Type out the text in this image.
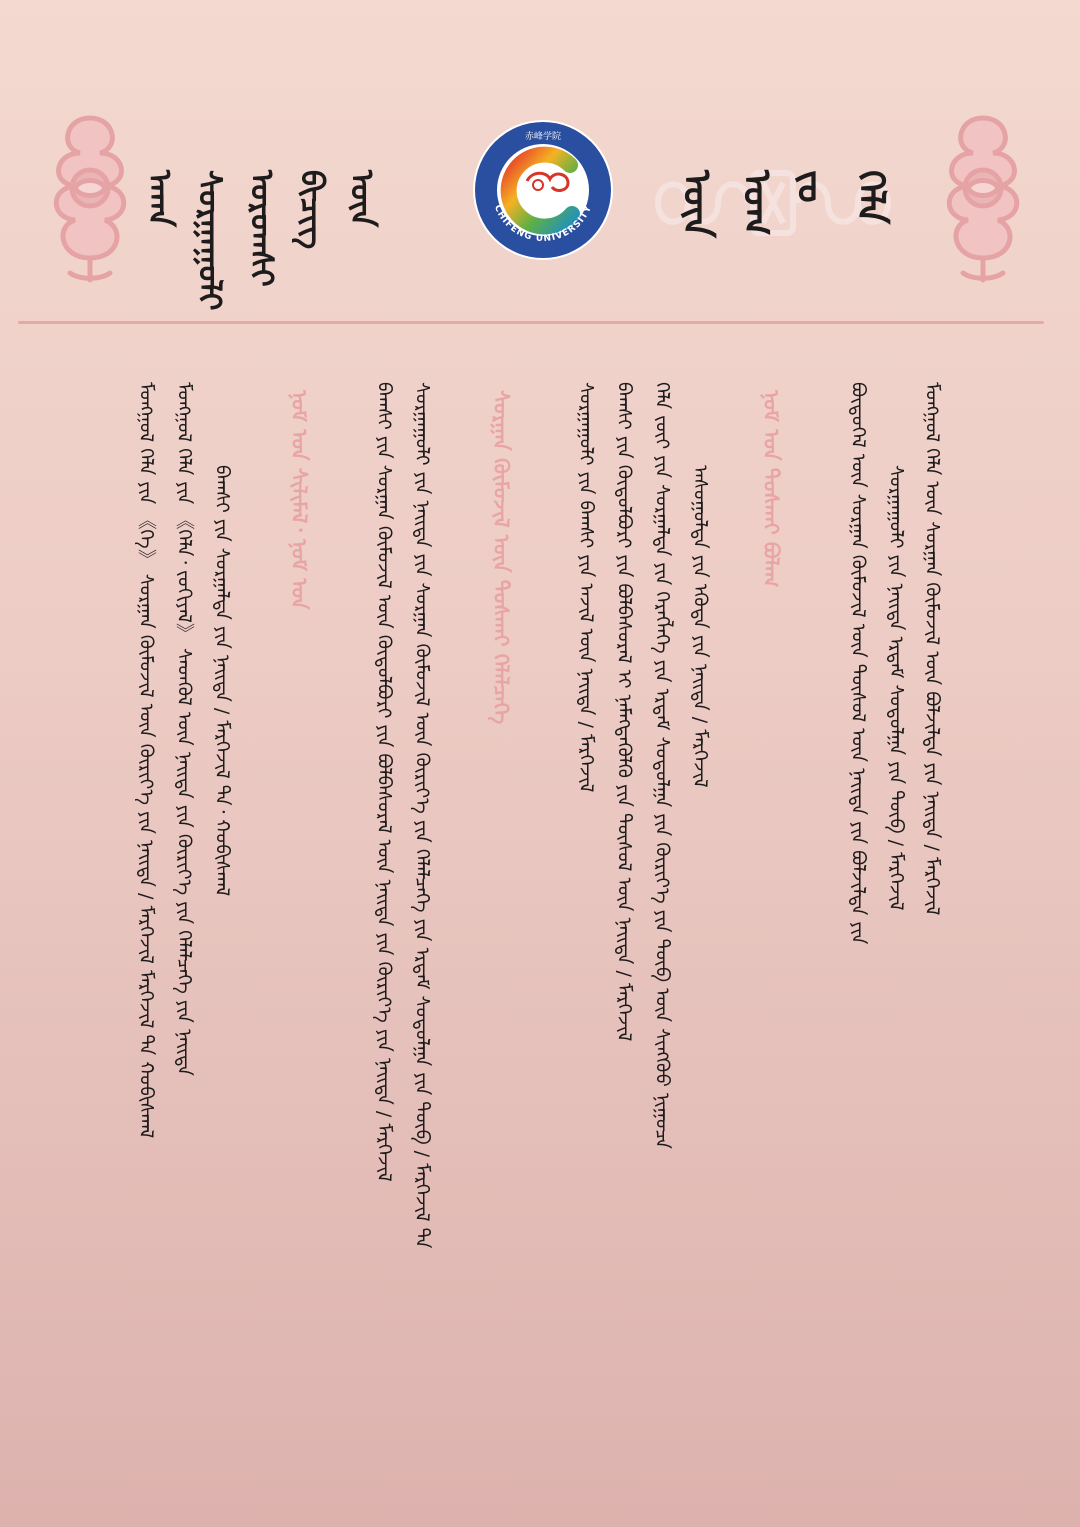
ᠬᠡᠯᠡ
ᠵᠤ
ᠤᠭ
ᠦᠨ
CHIFENG UNIVERSITY
赤峰学院
ᠠᠬᠠ ᠰᠤᠷᠭᠠᠭᠤᠯᠢ ᠤᠷᠤᠭᠰᠢ ᠪᠢᠴᠢᠭ ᠦᠨ
ᠮᠣᠩᠭᠣᠯ ᠬᠡᠯᠡ ᠦᠨ ᠰᠤᠷᠭᠠᠨ ᠬᠦᠮᠦᠵᠢᠯ ᠦᠨ ᠪᠤᠯᠵᠢᠯᠲᠠ ᠶᠢᠨ ᠨᠡᠢᠲᠡ / ᠮᠡᠷᠭᠡᠵᠢᠯ
ᠰᠤᠷᠭᠠᠭᠤᠯᠢ ᠶᠢᠨ ᠨᠡᠢᠲᠡ ᠡᠷᠳᠡᠮ ᠰᠤᠳᠤᠯᠭᠠ ᠶᠢᠨ ᠲᠥᠪ / ᠮᠡᠷᠭᠡᠵᠢᠯ
ᠪᠦᠲᠦᠭᠡᠯ ᠦᠨ ᠰᠤᠷᠭᠠᠨ ᠬᠦᠮᠦᠵᠢᠯ ᠦᠨ ᠲᠥᠰᠥᠯ ᠦᠨ ᠨᠡᠢᠲᠡ ᠶᠢᠨ ᠪᠤᠯᠵᠢᠯᠲᠠ ᠶᠢᠨ
ᠨᠣᠮ ᠤᠨ ᠲᠤᠰᠬᠠᠢ ᠪᠤᠯᠠᠭ
ᠠᠰᠤᠭᠤᠯᠲᠠ ᠶᠢᠨ ᠡᠭᠦᠳᠡ ᠶᠢᠨ ᠨᠡᠢᠲᠡ / ᠮᠡᠷᠭᠡᠵᠢᠯ
ᠬᠡᠯᠡ ᠵᠦᠢ ᠶᠢᠨ ᠰᠤᠷᠭᠠᠯᠲᠠ ᠶᠢᠨ ᠬᠡᠷᠡᠭᠯᠡᠭᠡ ᠶᠢᠨ ᠡᠷᠳᠡᠮ ᠰᠤᠳᠤᠯᠭᠠ ᠶᠢᠨ ᠬᠦᠷᠢᠶ᠎ᠡ ᠶᠢᠨ ᠲᠥᠪ ᠦᠨ ᠰᠢᠩᠬᠦᠦ ᠨᠢᠭᠤᠴᠠ
ᠪᠠᠭᠰᠢ ᠶᠢᠨ ᠬᠥᠲᠦᠯᠪᠦᠷᠢ ᠶᠢᠨ ᠪᠤᠯᠪᠠᠰᠤᠷᠠᠯ ᠢ ᠨᠡᠮᠡᠭᠳᠡᠭᠦᠯᠬᠦ ᠶᠢᠨ ᠲᠥᠰᠥᠯ ᠦᠨ ᠨᠡᠢᠲᠡ / ᠮᠡᠷᠭᠡᠵᠢᠯ
ᠰᠤᠷᠭᠠᠭᠤᠯᠢ ᠶᠢᠨ ᠪᠠᠭᠰᠢ ᠶᠢᠨ ᠠᠵᠢᠯ ᠦᠨ ᠨᠡᠢᠲᠡ / ᠮᠡᠷᠭᠡᠵᠢᠯ
ᠰᠤᠷᠭᠠᠨ ᠬᠦᠮᠦᠵᠢᠯ ᠦᠨ ᠲᠤᠰᠬᠠᠢ ᠬᠡᠯᠡᠯᠴᠡᠭᠡ
ᠰᠤᠷᠭᠠᠭᠤᠯᠢ ᠶᠢᠨ ᠨᠡᠢᠲᠡ ᠶᠢᠨ ᠰᠤᠷᠭᠠᠨ ᠬᠦᠮᠦᠵᠢᠯ ᠦᠨ ᠬᠦᠷᠢᠶ᠎ᠡ ᠶᠢᠨ ᠬᠡᠯᠡᠯᠴᠡᠭᠡ ᠶᠢᠨ ᠡᠷᠳᠡᠮ ᠰᠤᠳᠤᠯᠭᠠ ᠶᠢᠨ ᠲᠥᠪ / ᠮᠡᠷᠭᠡᠵᠢᠯ ᠲᠡ
ᠪᠠᠭᠰᠢ ᠶᠢᠨ ᠰᠤᠷᠭᠠᠨ ᠬᠦᠮᠦᠵᠢᠯ ᠦᠨ ᠬᠥᠲᠦᠯᠪᠦᠷᠢ ᠶᠢᠨ ᠪᠤᠯᠪᠠᠰᠤᠷᠠᠯ ᠦᠨ ᠨᠡᠢᠲᠡ ᠶᠢᠨ ᠬᠦᠷᠢᠶ᠎ᠡ ᠶᠢᠨ ᠨᠡᠢᠲᠡ / ᠮᠡᠷᠭᠡᠵᠢᠯ
ᠨᠣᠮ ᠤᠨ ᠰᠢᠯᠢᠮᠡᠯ᠂ ᠨᠣᠮ ᠤᠨ
ᠪᠠᠭᠰᠢ ᠶᠢᠨ ᠰᠤᠷᠭᠠᠯᠲᠠ ᠶᠢᠨ ᠨᠡᠢᠲᠡ / ᠮᠡᠷᠭᠡᠵᠢᠯ ᠲᠡ᠂ ᠬᠤᠪᠢᠰᠬᠠᠯ
ᠮᠣᠩᠭᠣᠯ ᠬᠡᠯᠡ ᠶᠢᠨ 《ᠬᠡᠯᠡ᠂ ᠵᠣᠬᠢᠶᠠᠯ》 ᠰᠡᠳᠬᠦᠯ ᠦᠨ ᠨᠡᠢᠲᠡ ᠶᠢᠨ ᠬᠦᠷᠢᠶ᠎ᠡ ᠶᠢᠨ ᠬᠡᠯᠡᠯᠴᠡᠭᠡ ᠶᠢᠨ ᠨᠡᠢᠲᠡ
ᠮᠣᠩᠭᠣᠯ ᠬᠡᠯᠡ ᠶᠢᠨ 《ᠬᠡ》 ᠰᠤᠷᠭᠠᠨ ᠬᠦᠮᠦᠵᠢᠯ ᠦᠨ ᠬᠦᠷᠢᠶ᠎ᠡ ᠶᠢᠨ ᠨᠡᠢᠲᠡ / ᠮᠡᠷᠭᠡᠵᠢᠯ ᠮᠡᠷᠭᠡᠵᠢᠯ ᠲᠡ ᠬᠤᠪᠢᠰᠬᠠᠯ
